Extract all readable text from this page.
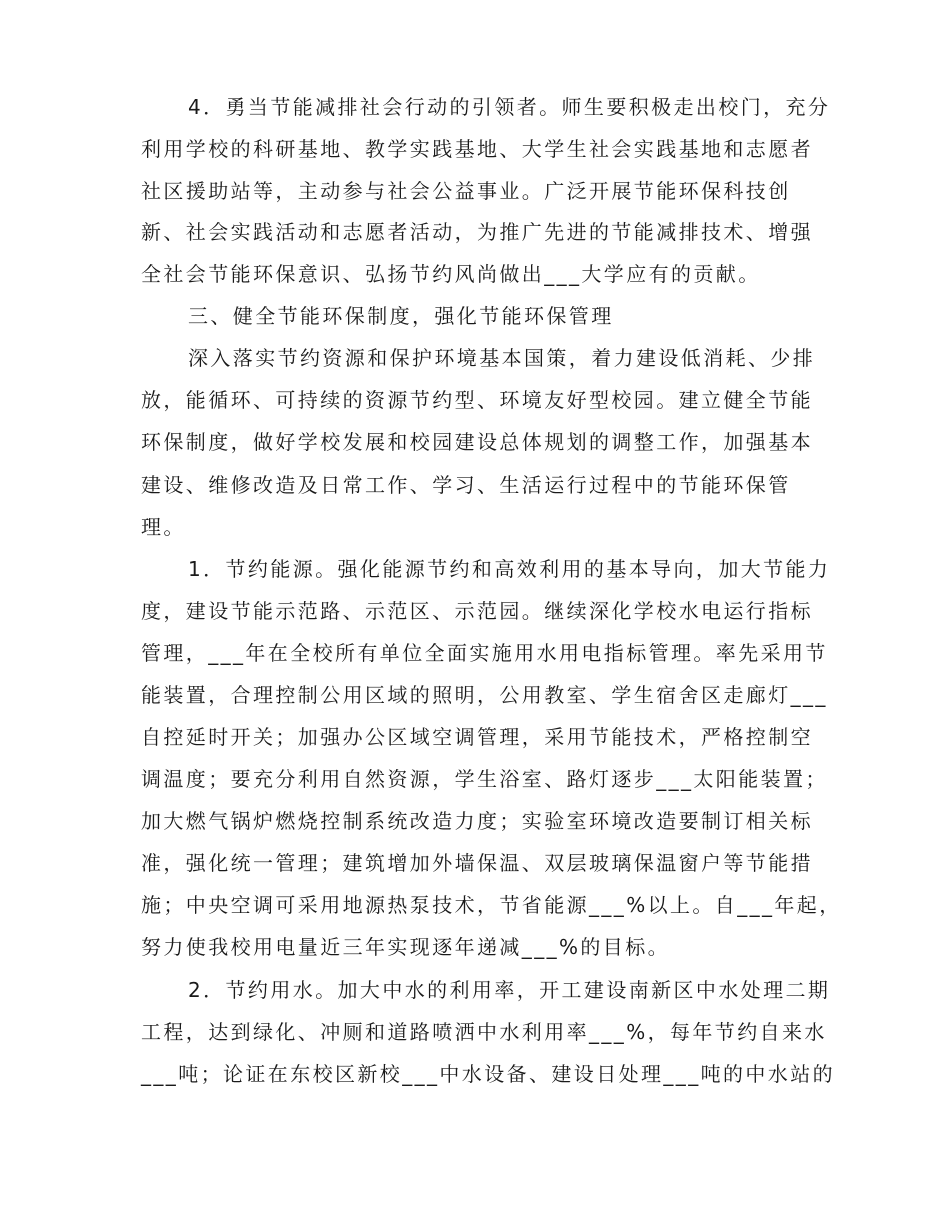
4．勇当节能减排社会行动的引领者。师生要积极走出校门，充分
利用学校的科研基地、教学实践基地、大学生社会实践基地和志愿者
社区援助站等，主动参与社会公益事业。广泛开展节能环保科技创
新、社会实践活动和志愿者活动，为推广先进的节能减排技术、增强
全社会节能环保意识、弘扬节约风尚做出___大学应有的贡献。
三、健全节能环保制度，强化节能环保管理
深入落实节约资源和保护环境基本国策，着力建设低消耗、少排
放，能循环、可持续的资源节约型、环境友好型校园。建立健全节能
环保制度，做好学校发展和校园建设总体规划的调整工作，加强基本
建设、维修改造及日常工作、学习、生活运行过程中的节能环保管
理。
1．节约能源。强化能源节约和高效利用的基本导向，加大节能力
度，建设节能示范路、示范区、示范园。继续深化学校水电运行指标
管理，___年在全校所有单位全面实施用水用电指标管理。率先采用节
能装置，合理控制公用区域的照明，公用教室、学生宿舍区走廊灯___
自控延时开关；加强办公区域空调管理，采用节能技术，严格控制空
调温度；要充分利用自然资源，学生浴室、路灯逐步___太阳能装置；
加大燃气锅炉燃烧控制系统改造力度；实验室环境改造要制订相关标
准，强化统一管理；建筑增加外墙保温、双层玻璃保温窗户等节能措
施；中央空调可采用地源热泵技术，节省能源___%以上。自___年起，
努力使我校用电量近三年实现逐年递减___%的目标。
2．节约用水。加大中水的利用率，开工建设南新区中水处理二期
工程，达到绿化、冲厕和道路喷洒中水利用率___%，每年节约自来水
___吨；论证在东校区新校___中水设备、建设日处理___吨的中水站的
